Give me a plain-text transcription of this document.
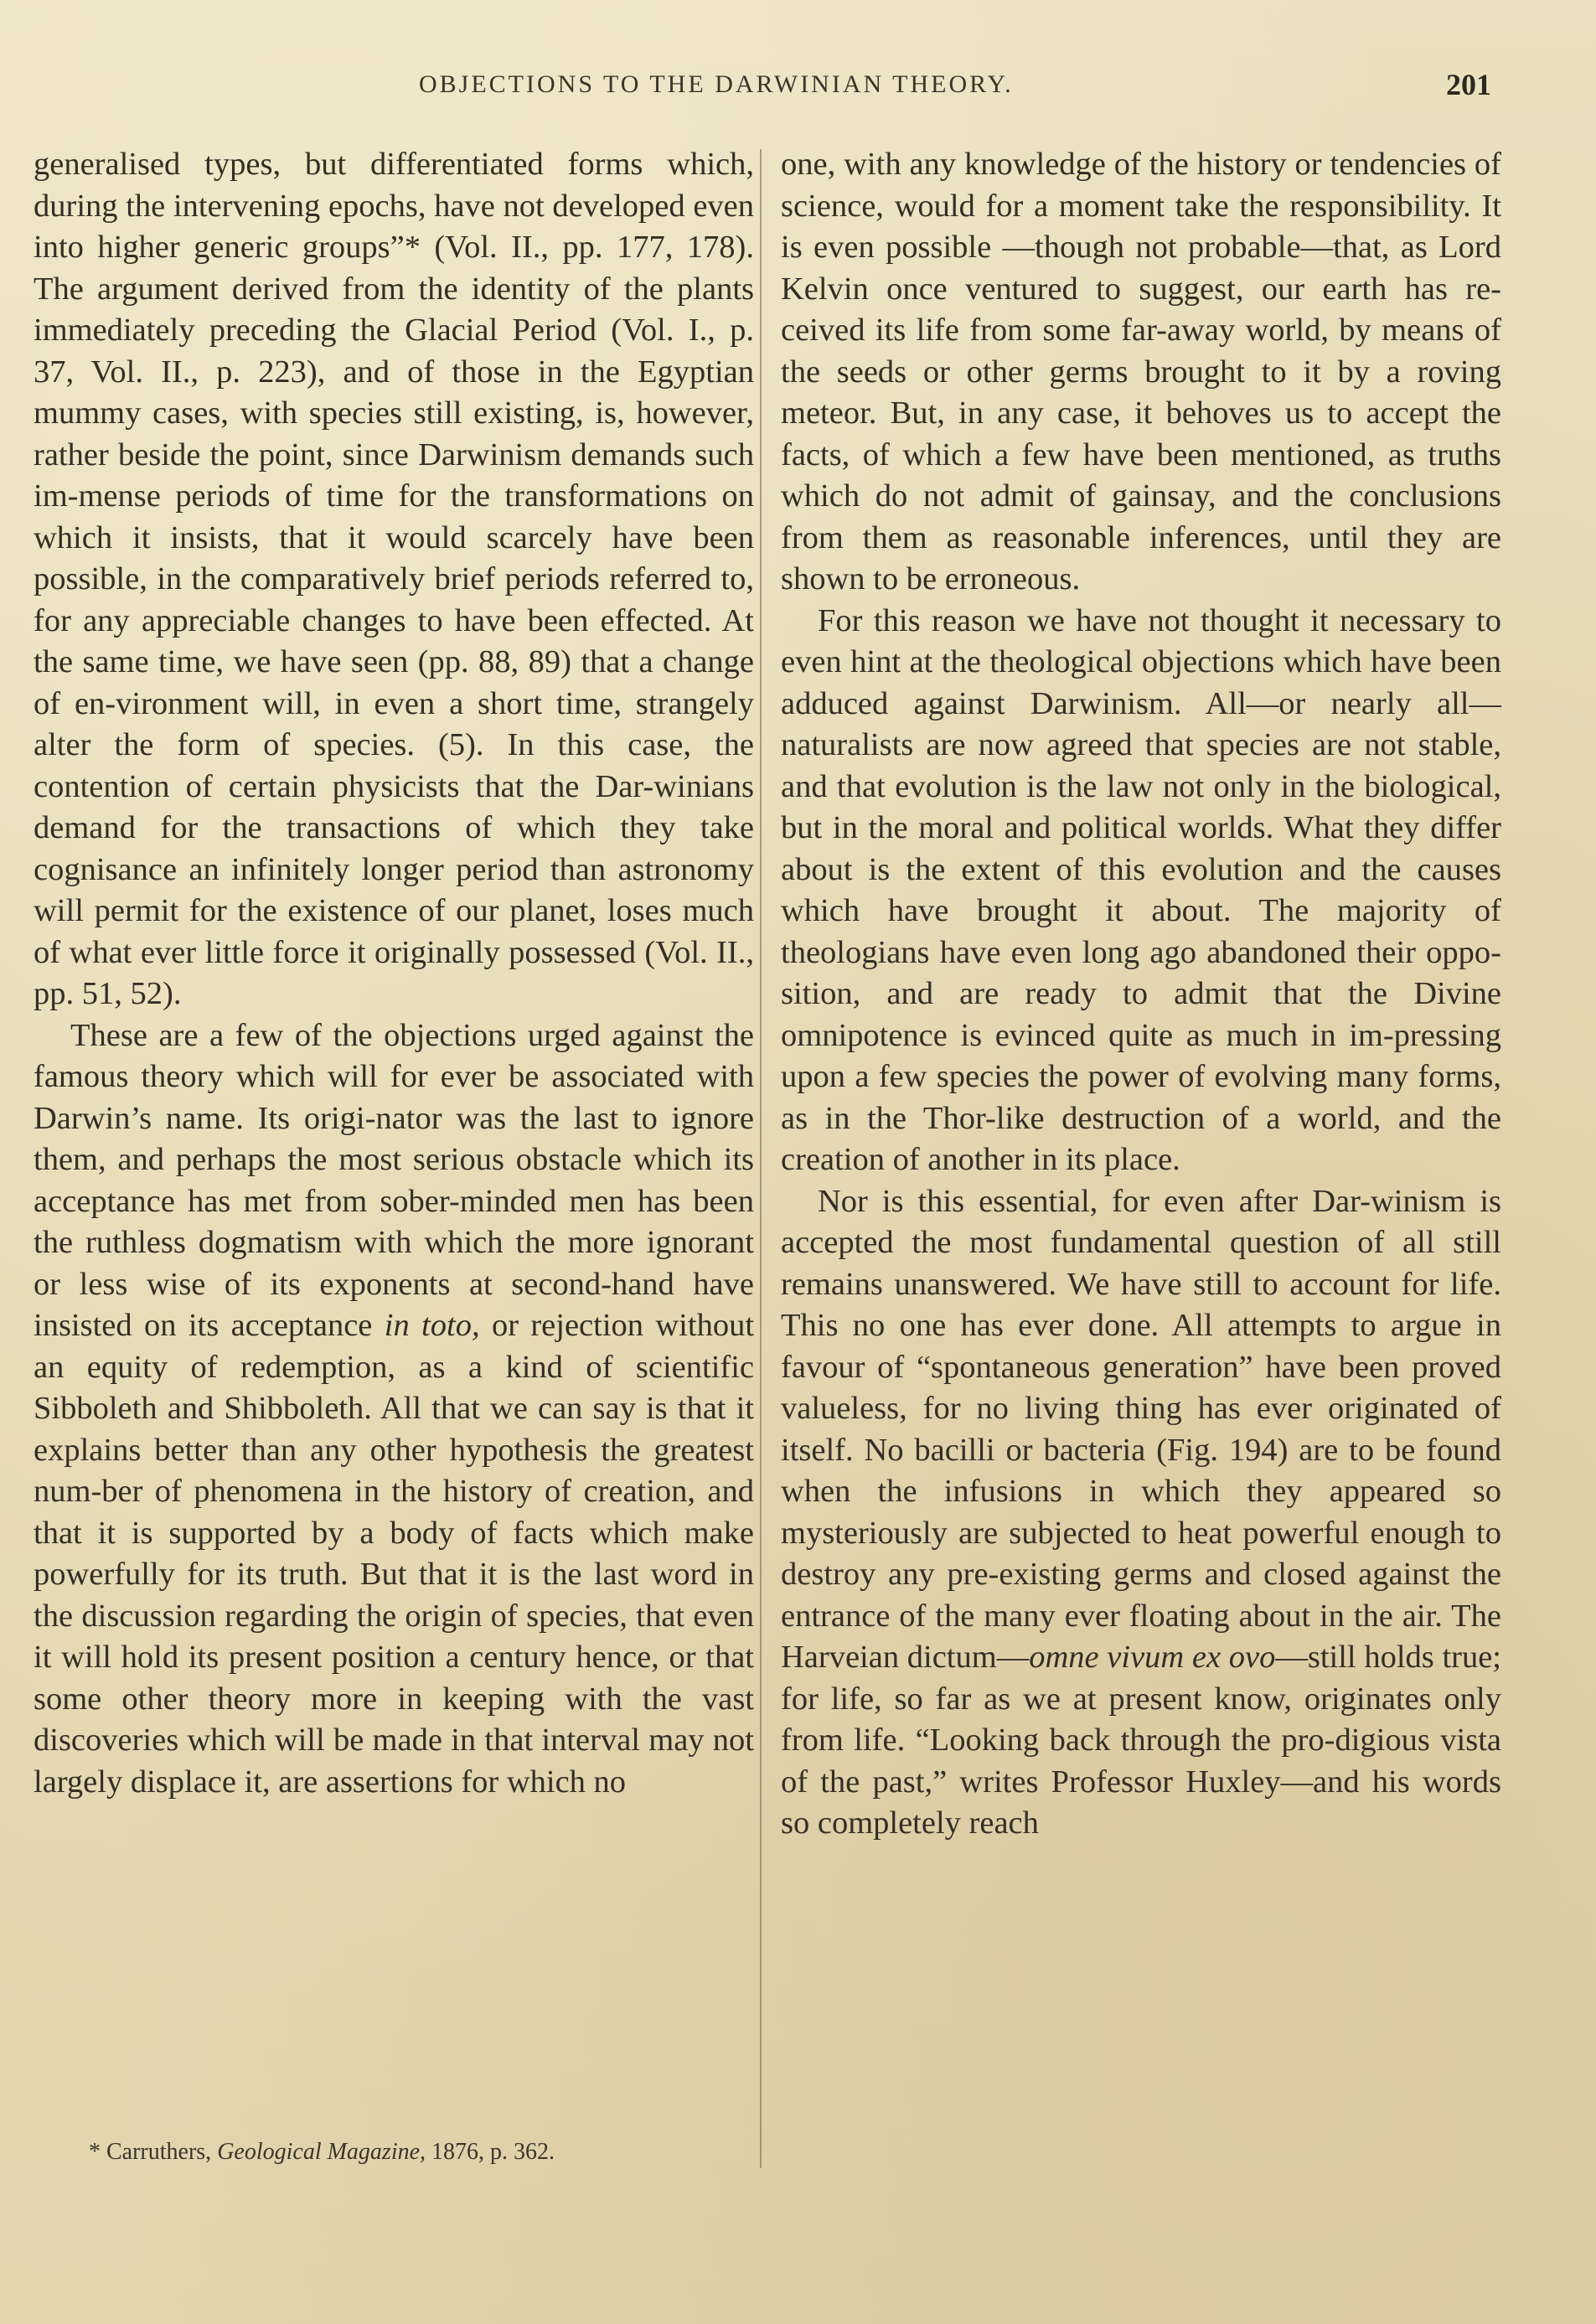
OBJECTIONS TO THE DARWINIAN THEORY.	201

generalised types, but differentiated forms which, during the intervening epochs, have not developed even into higher generic groups”* (Vol. II., pp. 177, 178). The argument derived from the identity of the plants immediately preceding the Glacial Period (Vol. I., p. 37, Vol. II., p. 223), and of those in the Egyptian mummy cases, with species still existing, is, however, rather beside the point, since Darwinism demands such im-mense periods of time for the transformations on which it insists, that it would scarcely have been possible, in the comparatively brief periods referred to, for any appreciable changes to have been effected. At the same time, we have seen (pp. 88, 89) that a change of en-vironment will, in even a short time, strangely alter the form of species. (5). In this case, the contention of certain physicists that the Dar-winians demand for the transactions of which they take cognisance an infinitely longer period than astronomy will permit for the existence of our planet, loses much of what ever little force it originally possessed (Vol. II., pp. 51, 52).

These are a few of the objections urged against the famous theory which will for ever be associated with Darwin’s name. Its origi-nator was the last to ignore them, and perhaps the most serious obstacle which its acceptance has met from sober-minded men has been the ruthless dogmatism with which the more ignorant or less wise of its exponents at second-hand have insisted on its acceptance in toto, or rejection without an equity of redemption, as a kind of scientific Sibboleth and Shibboleth. All that we can say is that it explains better than any other hypothesis the greatest num-ber of phenomena in the history of creation, and that it is supported by a body of facts which make powerfully for its truth. But that it is the last word in the discussion regarding the origin of species, that even it will hold its present position a century hence, or that some other theory more in keeping with the vast discoveries which will be made in that interval may not largely displace it, are assertions for which no

one, with any knowledge of the history or tendencies of science, would for a moment take the responsibility. It is even possible —though not probable—that, as Lord Kelvin once ventured to suggest, our earth has re-ceived its life from some far-away world, by means of the seeds or other germs brought to it by a roving meteor. But, in any case, it behoves us to accept the facts, of which a few have been mentioned, as truths which do not admit of gainsay, and the conclusions from them as reasonable inferences, until they are shown to be erroneous.

For this reason we have not thought it necessary to even hint at the theological objections which have been adduced against Darwinism. All—or nearly all—naturalists are now agreed that species are not stable, and that evolution is the law not only in the biological, but in the moral and political worlds. What they differ about is the extent of this evolution and the causes which have brought it about. The majority of theologians have even long ago abandoned their oppo-sition, and are ready to admit that the Divine omnipotence is evinced quite as much in im-pressing upon a few species the power of evolving many forms, as in the Thor-like destruction of a world, and the creation of another in its place.

Nor is this essential, for even after Dar-winism is accepted the most fundamental question of all still remains unanswered. We have still to account for life. This no one has ever done. All attempts to argue in favour of “spontaneous generation” have been proved valueless, for no living thing has ever originated of itself. No bacilli or bacteria (Fig. 194) are to be found when the infusions in which they appeared so mysteriously are subjected to heat powerful enough to destroy any pre-existing germs and closed against the entrance of the many ever floating about in the air. The Harveian dictum—omne vivum ex ovo—still holds true; for life, so far as we at present know, originates only from life. “Looking back through the pro-digious vista of the past,” writes Professor Huxley—and his words so completely reach

* Carruthers, Geological Magazine, 1876, p. 362.
